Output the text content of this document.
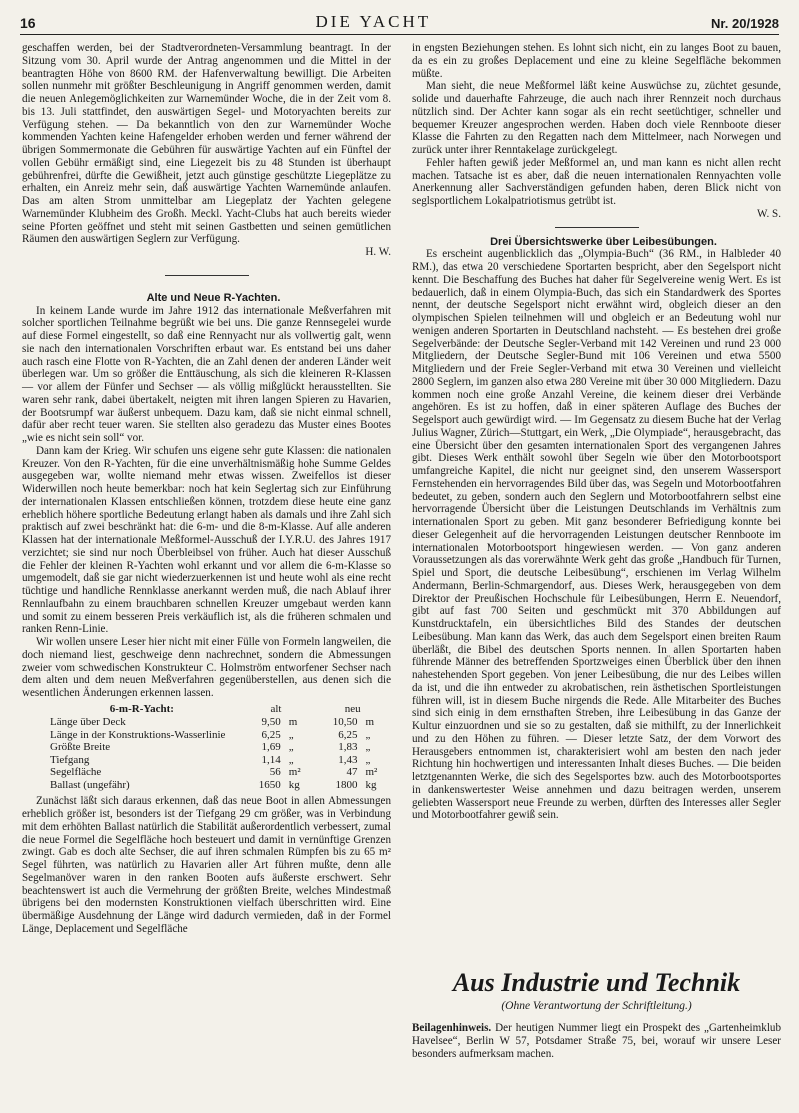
16	DIE YACHT	Nr. 20/1928

geschaffen werden, bei der Stadtverordneten-Versammlung beantragt. In der Sitzung vom 30. April wurde der Antrag angenommen und die Mittel in der beantragten Höhe von 8600 RM. der Hafenverwaltung bewilligt. Die Arbeiten sollen nunmehr mit größter Beschleunigung in Angriff genommen werden, damit die neuen Anlegemöglichkeiten zur Warnemünder Woche, die in der Zeit vom 8. bis 13. Juli stattfindet, den auswärtigen Segel- und Motoryachten bereits zur Verfügung stehen. — Da bekanntlich von den zur Warnemünder Woche kommenden Yachten keine Hafengelder erhoben werden und ferner während der übrigen Sommermonate die Gebühren für auswärtige Yachten auf ein Fünftel der vollen Gebühr ermäßigt sind, eine Liegezeit bis zu 48 Stunden ist überhaupt gebührenfrei, dürfte die Gewißheit, jetzt auch günstige geschützte Liegeplätze zu erhalten, ein Anreiz mehr sein, daß auswärtige Yachten Warnemünde anlaufen. Das am alten Strom unmittelbar am Liegeplatz der Yachten gelegene Warnemünder Klubheim des Großh. Meckl. Yacht-Clubs hat auch bereits wieder seine Pforten geöffnet und steht mit seinen Gastbetten und seinen gemütlichen Räumen den auswärtigen Seglern zur Verfügung.

H. W.

Alte und Neue R-Yachten.

In keinem Lande wurde im Jahre 1912 das internationale Meßverfahren mit solcher sportlichen Teilnahme begrüßt wie bei uns. Die ganze Rennsegelei wurde auf diese Formel eingestellt, so daß eine Rennyacht nur als vollwertig galt, wenn sie nach den internationalen Vorschriften erbaut war. Es entstand bei uns daher auch rasch eine Flotte von R-Yachten, die an Zahl denen der anderen Länder weit überlegen war. Um so größer die Enttäuschung, als sich die kleineren R-Klassen — vor allem der Fünfer und Sechser — als völlig mißglückt herausstellten. Sie waren sehr rank, dabei übertakelt, neigten mit ihren langen Spieren zu Havarien, der Bootsrumpf war äußerst unbequem. Dazu kam, daß sie nicht einmal schnell, dafür aber recht teuer waren. Sie stellten also geradezu das Muster eines Bootes „wie es nicht sein soll“ vor.

Dann kam der Krieg. Wir schufen uns eigene sehr gute Klassen: die nationalen Kreuzer. Von den R-Yachten, für die eine unverhältnismäßig hohe Summe Geldes ausgegeben war, wollte niemand mehr etwas wissen. Zweifellos ist dieser Widerwillen noch heute bemerkbar: noch hat kein Seglertag sich zur Einführung der internationalen Klassen entschließen können, trotzdem diese heute eine ganz erheblich höhere sportliche Bedeutung erlangt haben als damals und ihre Zahl sich praktisch auf zwei beschränkt hat: die 6-m- und die 8-m-Klasse. Auf alle anderen Klassen hat der internationale Meßformel-Ausschuß der I.Y.R.U. des Jahres 1917 verzichtet; sie sind nur noch Überbleibsel von früher. Auch hat dieser Ausschuß die Fehler der kleinen R-Yachten wohl erkannt und vor allem die 6-m-Klasse so umgemodelt, daß sie gar nicht wiederzuerkennen ist und heute wohl als eine recht tüchtige und handliche Rennklasse anerkannt werden muß, die nach Ablauf ihrer Rennlaufbahn zu einem brauchbaren schnellen Kreuzer umgebaut werden kann und somit zu einem besseren Preis verkäuflich ist, als die früheren schmalen und ranken Renn-Linie.

Wir wollen unsere Leser hier nicht mit einer Fülle von Formeln langweilen, die doch niemand liest, geschweige denn nachrechnet, sondern die Abmessungen zweier vom schwedischen Konstrukteur C. Holmström entworfener Sechser nach dem alten und dem neuen Meßverfahren gegenüberstellen, aus denen sich die wesentlichen Änderungen erkennen lassen.

6-m-R-Yacht:	alt		neu	
Länge über Deck	9,50	m	10,50	m
Länge in der Konstruktions-Wasserlinie	6,25	„	6,25	„
Größte Breite	1,69	„	1,83	„
Tiefgang	1,14	„	1,43	„
Segelfläche	56	m²	47	m²
Ballast (ungefähr)	1650	kg	1800	kg

Zunächst läßt sich daraus erkennen, daß das neue Boot in allen Abmessungen erheblich größer ist, besonders ist der Tiefgang 29 cm größer, was in Verbindung mit dem erhöhten Ballast natürlich die Stabilität außerordentlich verbessert, zumal die neue Formel die Segelfläche hoch besteuert und damit in vernünftige Grenzen zwingt. Gab es doch alte Sechser, die auf ihren schmalen Rümpfen bis zu 65 m² Segel führten, was natürlich zu Havarien aller Art führen mußte, denn alle Segelmanöver waren in den ranken Booten aufs äußerste erschwert. Sehr beachtenswert ist auch die Vermehrung der größten Breite, welches Mindestmaß übrigens bei den modernsten Konstruktionen vielfach überschritten wird. Eine übermäßige Ausdehnung der Länge wird dadurch vermieden, daß in der Formel Länge, Deplacement und Segelfläche

in engsten Beziehungen stehen. Es lohnt sich nicht, ein zu langes Boot zu bauen, da es ein zu großes Deplacement und eine zu kleine Segelfläche bekommen müßte.

Man sieht, die neue Meßformel läßt keine Auswüchse zu, züchtet gesunde, solide und dauerhafte Fahrzeuge, die auch nach ihrer Rennzeit noch durchaus nützlich sind. Der Achter kann sogar als ein recht seetüchtiger, schneller und bequemer Kreuzer angesprochen werden. Haben doch viele Rennboote dieser Klasse die Fahrten zu den Regatten nach dem Mittelmeer, nach Norwegen und zurück unter ihrer Renntakelage zurückgelegt.

Fehler haften gewiß jeder Meßformel an, und man kann es nicht allen recht machen. Tatsache ist es aber, daß die neuen internationalen Rennyachten volle Anerkennung aller Sachverständigen gefunden haben, deren Blick nicht von seglsportlichem Lokalpatriotismus getrübt ist.

W. S.

Drei Übersichtswerke über Leibesübungen.

Es erscheint augenblicklich das „Olympia-Buch“ (36 RM., in Halbleder 40 RM.), das etwa 20 verschiedene Sportarten bespricht, aber den Segelsport nicht kennt. Die Beschaffung des Buches hat daher für Segelvereine wenig Wert. Es ist bedauerlich, daß in einem Olympia-Buch, das sich ein Standardwerk des Sportes nennt, der deutsche Segelsport nicht erwähnt wird, obgleich dieser an den olympischen Spielen teilnehmen will und obgleich er an Bedeutung wohl nur wenigen anderen Sportarten in Deutschland nachsteht. — Es bestehen drei große Segelverbände: der Deutsche Segler-Verband mit 142 Vereinen und rund 23 000 Mitgliedern, der Deutsche Segler-Bund mit 106 Vereinen und etwa 5500 Mitgliedern und der Freie Segler-Verband mit etwa 30 Vereinen und vielleicht 2800 Seglern, im ganzen also etwa 280 Vereine mit über 30 000 Mitgliedern. Dazu kommen noch eine große Anzahl Vereine, die keinem dieser drei Verbände angehören. Es ist zu hoffen, daß in einer späteren Auflage des Buches der Segelsport auch gewürdigt wird. — Im Gegensatz zu diesem Buche hat der Verlag Julius Wagner, Zürich—Stuttgart, ein Werk, „Die Olympiade“, herausgebracht, das eine Übersicht über den gesamten internationalen Sport des vergangenen Jahres gibt. Dieses Werk enthält sowohl über Segeln wie über den Motorbootsport umfangreiche Kapitel, die nicht nur geeignet sind, den unserem Wassersport Fernstehenden ein hervorragendes Bild über das, was Segeln und Motorbootfahren bedeutet, zu geben, sondern auch den Seglern und Motorbootfahrern selbst eine hervorragende Übersicht über die Leistungen Deutschlands im Verhältnis zum internationalen Sport zu geben. Mit ganz besonderer Befriedigung konnte bei dieser Gelegenheit auf die hervorragenden Leistungen deutscher Rennboote im internationalen Motorbootsport hingewiesen werden. — Von ganz anderen Voraussetzungen als das vorerwähnte Werk geht das große „Handbuch für Turnen, Spiel und Sport, die deutsche Leibesübung“, erschienen im Verlag Wilhelm Andermann, Berlin-Schmargendorf, aus. Dieses Werk, herausgegeben von dem Direktor der Preußischen Hochschule für Leibesübungen, Herrn E. Neuendorf, gibt auf fast 700 Seiten und geschmückt mit 370 Abbildungen auf Kunstdrucktafeln, ein übersichtliches Bild des Standes der deutschen Leibesübung. Man kann das Werk, das auch dem Segelsport einen breiten Raum überläßt, die Bibel des deutschen Sports nennen. In allen Sportarten haben führende Männer des betreffenden Sportzweiges einen Überblick über den ihnen nahestehenden Sport gegeben. Von jener Leibesübung, die nur des Leibes willen da ist, und die ihn entweder zu akrobatischen, rein ästhetischen Sportleistungen führen will, ist in diesem Buche nirgends die Rede. Alle Mitarbeiter des Buches sind sich einig in dem ernsthaften Streben, ihre Leibesübung in das Ganze der Kultur einzuordnen und sie so zu gestalten, daß sie mithilft, zu der Innerlichkeit und zu den Höhen zu führen. — Dieser letzte Satz, der dem Vorwort des Herausgebers entnommen ist, charakterisiert wohl am besten den nach jeder Richtung hin hochwertigen und interessanten Inhalt dieses Buches. — Die beiden letztgenannten Werke, die sich des Segelsportes bzw. auch des Motorbootsportes in dankenswertester Weise annehmen und dazu beitragen werden, unserem geliebten Wassersport neue Freunde zu werben, dürften des Interesses aller Segler und Motorbootfahrer gewiß sein.

Aus Industrie und Technik
(Ohne Verantwortung der Schriftleitung.)
Beilagenhinweis. Der heutigen Nummer liegt ein Prospekt des „Gartenheimklub Havelsee“, Berlin W 57, Potsdamer Straße 75, bei, worauf wir unsere Leser besonders aufmerksam machen.
